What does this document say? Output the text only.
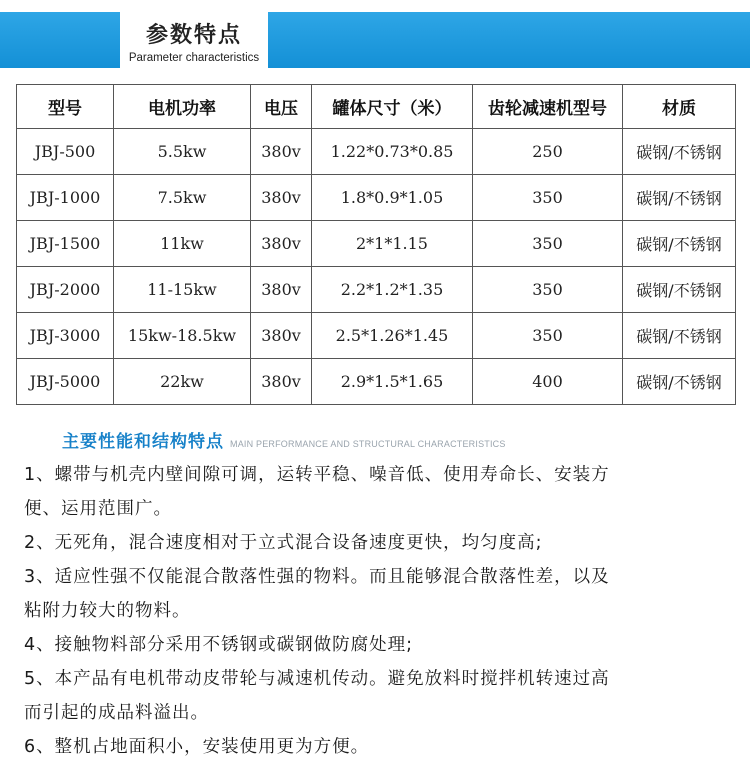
参数特点
Parameter characteristics
型号	电机功率	电压	罐体尺寸（米）	齿轮减速机型号	材质
JBJ-500	5.5kw	380v	1.22*0.73*0.85	250	碳钢/不锈钢
JBJ-1000	7.5kw	380v	1.8*0.9*1.05	350	碳钢/不锈钢
JBJ-1500	11kw	380v	2*1*1.15	350	碳钢/不锈钢
JBJ-2000	11-15kw	380v	2.2*1.2*1.35	350	碳钢/不锈钢
JBJ-3000	15kw-18.5kw	380v	2.5*1.26*1.45	350	碳钢/不锈钢
JBJ-5000	22kw	380v	2.9*1.5*1.65	400	碳钢/不锈钢
主要性能和结构特点 MAIN PERFORMANCE AND STRUCTURAL CHARACTERISTICS
1、螺带与机壳内壁间隙可调，运转平稳、噪音低、使用寿命长、安装方
便、运用范围广。
2、无死角，混合速度相对于立式混合设备速度更快，均匀度高;
3、适应性强不仅能混合散落性强的物料。而且能够混合散落性差，以及
粘附力较大的物料。
4、接触物料部分采用不锈钢或碳钢做防腐处理;
5、本产品有电机带动皮带轮与减速机传动。避免放料时搅拌机转速过高
而引起的成品料溢出。
6、整机占地面积小，安装使用更为方便。
